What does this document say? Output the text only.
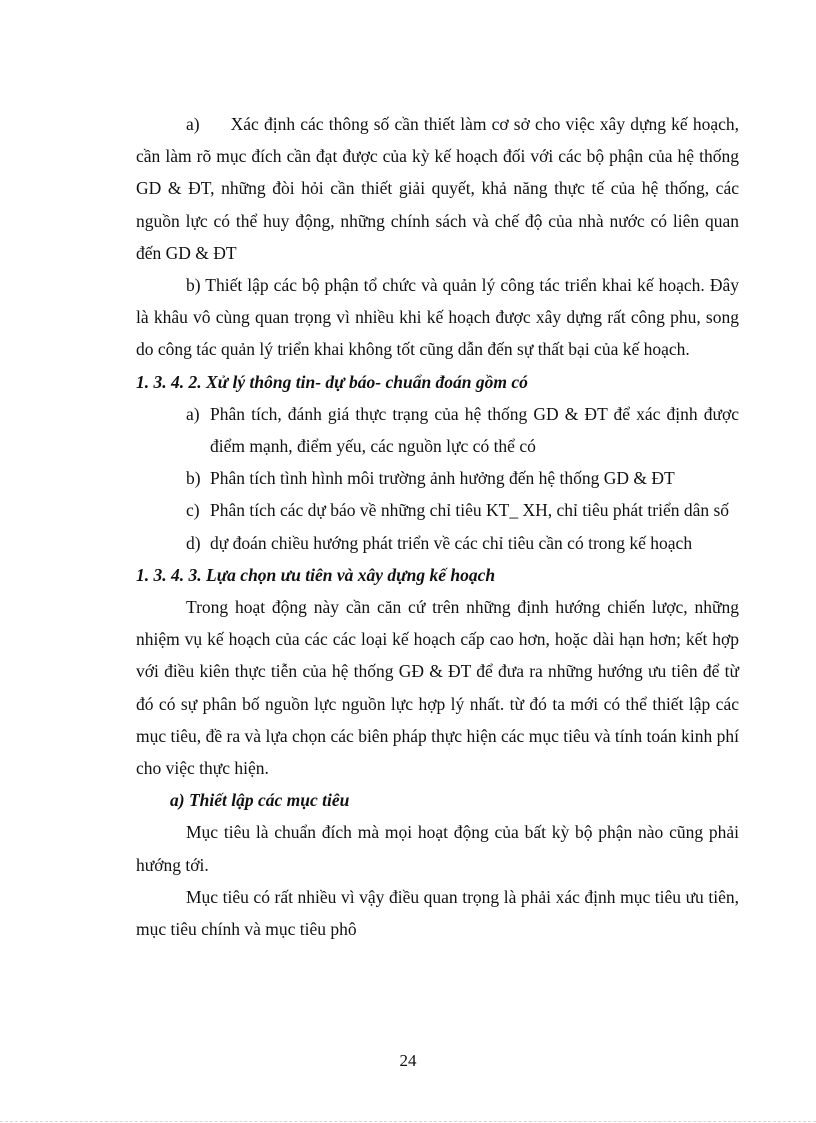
a)      Xác định các thông số cần thiết làm cơ sở cho việc xây dựng kế hoạch, cần làm rõ mục đích cần đạt được của kỳ kế hoạch đối với các bộ phận của hệ thống GD & ĐT, những đòi hỏi cần thiết giải quyết, khả năng thực tế của hệ thống, các nguồn lực có thể huy động, những chính sách và chế độ của nhà nước có liên quan đến GD & ĐT

b) Thiết lập các bộ phận tổ chức và quản lý công tác triển khai kế hoạch. Đây là khâu vô cùng quan trọng vì nhiều khi kế hoạch được xây dựng rất công phu, song do công tác quản lý triển khai không tốt cũng dẫn đến sự thất bại của kế hoạch.

1. 3. 4. 2. Xử lý thông tin- dự báo- chuẩn đoán gồm có

a) Phân tích, đánh giá thực trạng của hệ thống GD & ĐT để xác định được điểm mạnh, điểm yếu, các nguồn lực có thể có
b) Phân tích tình hình môi trường ảnh hưởng đến hệ thống GD & ĐT
c) Phân tích các dự báo về những chỉ tiêu KT_ XH, chỉ tiêu phát triển dân số
d) dự đoán chiều hướng phát triển về các chỉ tiêu cần có trong kế hoạch

1. 3. 4. 3. Lựa chọn ưu tiên và xây dựng kế hoạch

Trong hoạt động này cần căn cứ trên những định hướng chiến lược, những nhiệm vụ kế hoạch của các các loại kế hoạch cấp cao hơn, hoặc dài hạn hơn; kết hợp với điều kiên thực tiễn của hệ thống GĐ & ĐT để đưa ra những hướng ưu tiên để từ đó có sự phân bố nguồn lực nguồn lực hợp lý nhất. từ đó ta mới có thể thiết lập các mục tiêu, đề ra và lựa chọn các biên pháp thực hiện các mục tiêu và tính toán kinh phí cho việc thực hiện.

a) Thiết lập các mục tiêu

Mục tiêu là chuẩn đích mà mọi hoạt động của bất kỳ bộ phận nào cũng phải hướng tới.

Mục tiêu có rất nhiều vì vậy điều quan trọng là phải xác định mục tiêu ưu tiên, mục tiêu chính và mục tiêu phô

24
